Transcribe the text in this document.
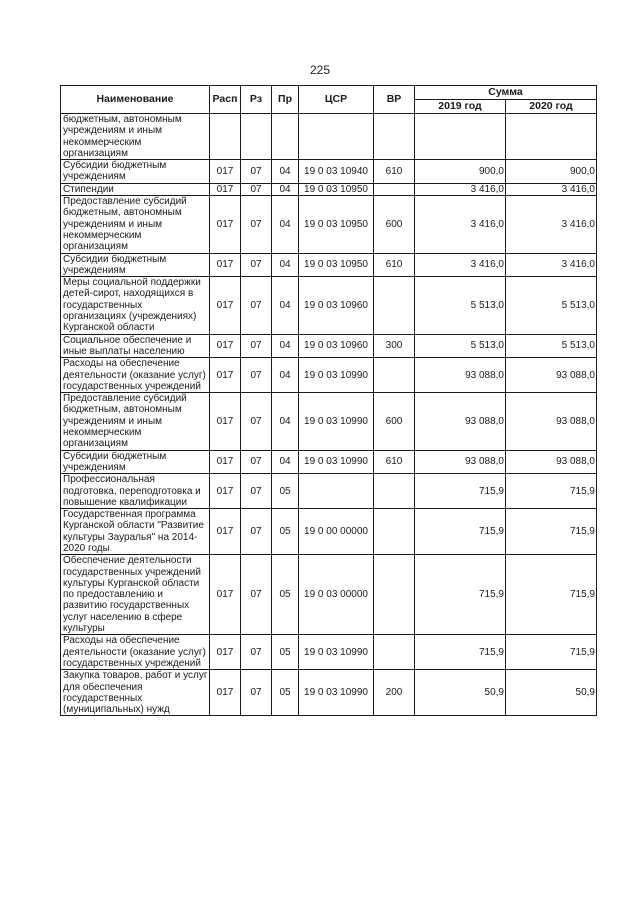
225
Наименование	Расп	Рз	Пр	ЦСР	ВР	Сумма	
						2019 год	2020 год
бюджетным, автономным учреждениям и иным некоммерческим организациям							
Субсидии бюджетным учреждениям	017	07	04	19 0 03 10940	610	900,0	900,0
Стипендии	017	07	04	19 0 03 10950		3 416,0	3 416,0
Предоставление субсидий бюджетным, автономным учреждениям и иным некоммерческим организациям	017	07	04	19 0 03 10950	600	3 416,0	3 416,0
Субсидии бюджетным учреждениям	017	07	04	19 0 03 10950	610	3 416,0	3 416,0
Меры социальной поддержки детей-сирот, находящихся в государственных организациях (учреждениях) Курганской области	017	07	04	19 0 03 10960		5 513,0	5 513,0
Социальное обеспечение и иные выплаты населению	017	07	04	19 0 03 10960	300	5 513,0	5 513,0
Расходы на обеспечение деятельности (оказание услуг) государственных учреждений	017	07	04	19 0 03 10990		93 088,0	93 088,0
Предоставление субсидий бюджетным, автономным учреждениям и иным некоммерческим организациям	017	07	04	19 0 03 10990	600	93 088,0	93 088,0
Субсидии бюджетным учреждениям	017	07	04	19 0 03 10990	610	93 088,0	93 088,0
Профессиональная подготовка, переподготовка и повышение квалификации	017	07	05			715,9	715,9
Государственная программа Курганской области "Развитие культуры Зауралья" на 2014-2020 годы	017	07	05	19 0 00 00000		715,9	715,9
Обеспечение деятельности государственных учреждений культуры Курганской области по предоставлению и развитию государственных услуг населению в сфере культуры	017	07	05	19 0 03 00000		715,9	715,9
Расходы на обеспечение деятельности (оказание услуг) государственных учреждений	017	07	05	19 0 03 10990		715,9	715,9
Закупка товаров, работ и услуг для обеспечения государственных (муниципальных) нужд	017	07	05	19 0 03 10990	200	50,9	50,9
